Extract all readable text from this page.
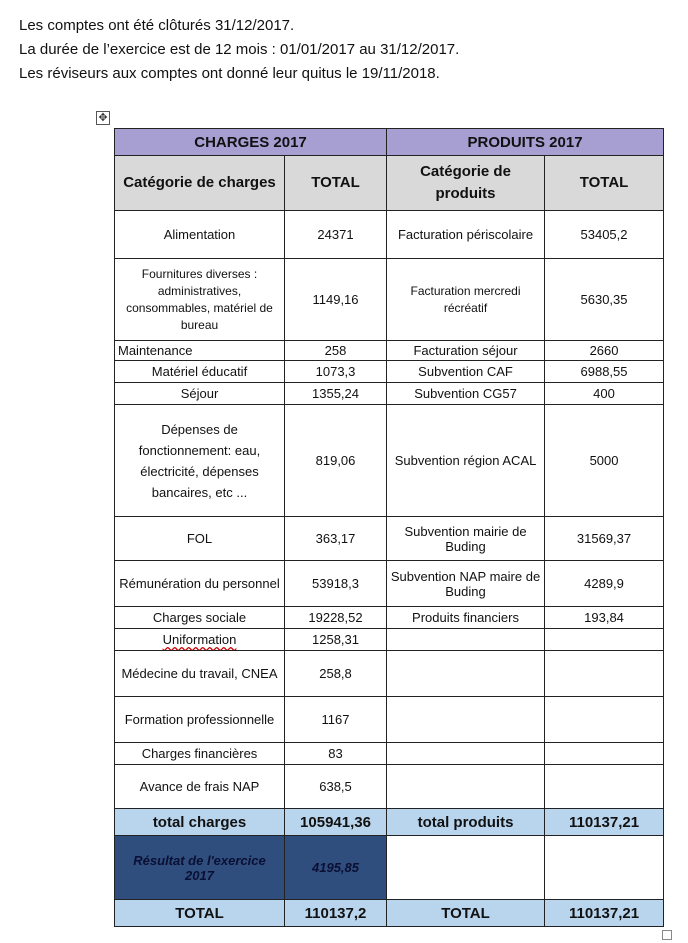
Les comptes ont été clôturés 31/12/2017.

La durée de l’exercice est de 12 mois : 01/01/2017 au 31/12/2017.

Les réviseurs aux comptes ont donné leur quitus le 19/11/2018.

✥
CHARGES 2017		PRODUITS 2017	
Catégorie de charges	TOTAL	Catégorie de produits	TOTAL
Alimentation	24371	Facturation périscolaire	53405,2
Fournitures diverses : administratives, consommables, matériel de bureau	1149,16	Facturation mercredi récréatif	5630,35
Maintenance	258	Facturation séjour	2660
Matériel éducatif	1073,3	Subvention CAF	6988,55
Séjour	1355,24	Subvention CG57	400
Dépenses de fonctionnement: eau, électricité, dépenses bancaires, etc ...	819,06	Subvention région ACAL	5000
FOL	363,17	Subvention mairie de Buding	31569,37
Rémunération du personnel	53918,3	Subvention NAP maire de Buding	4289,9
Charges sociale	19228,52	Produits financiers	193,84
Uniformation	1258,31		
Médecine du travail, CNEA	258,8		
Formation professionnelle	1167		
Charges financières	83		
Avance de frais NAP	638,5		
total charges	105941,36	total produits	110137,21
Résultat de l'exercice 2017	4195,85		
TOTAL	110137,2	TOTAL	110137,21
